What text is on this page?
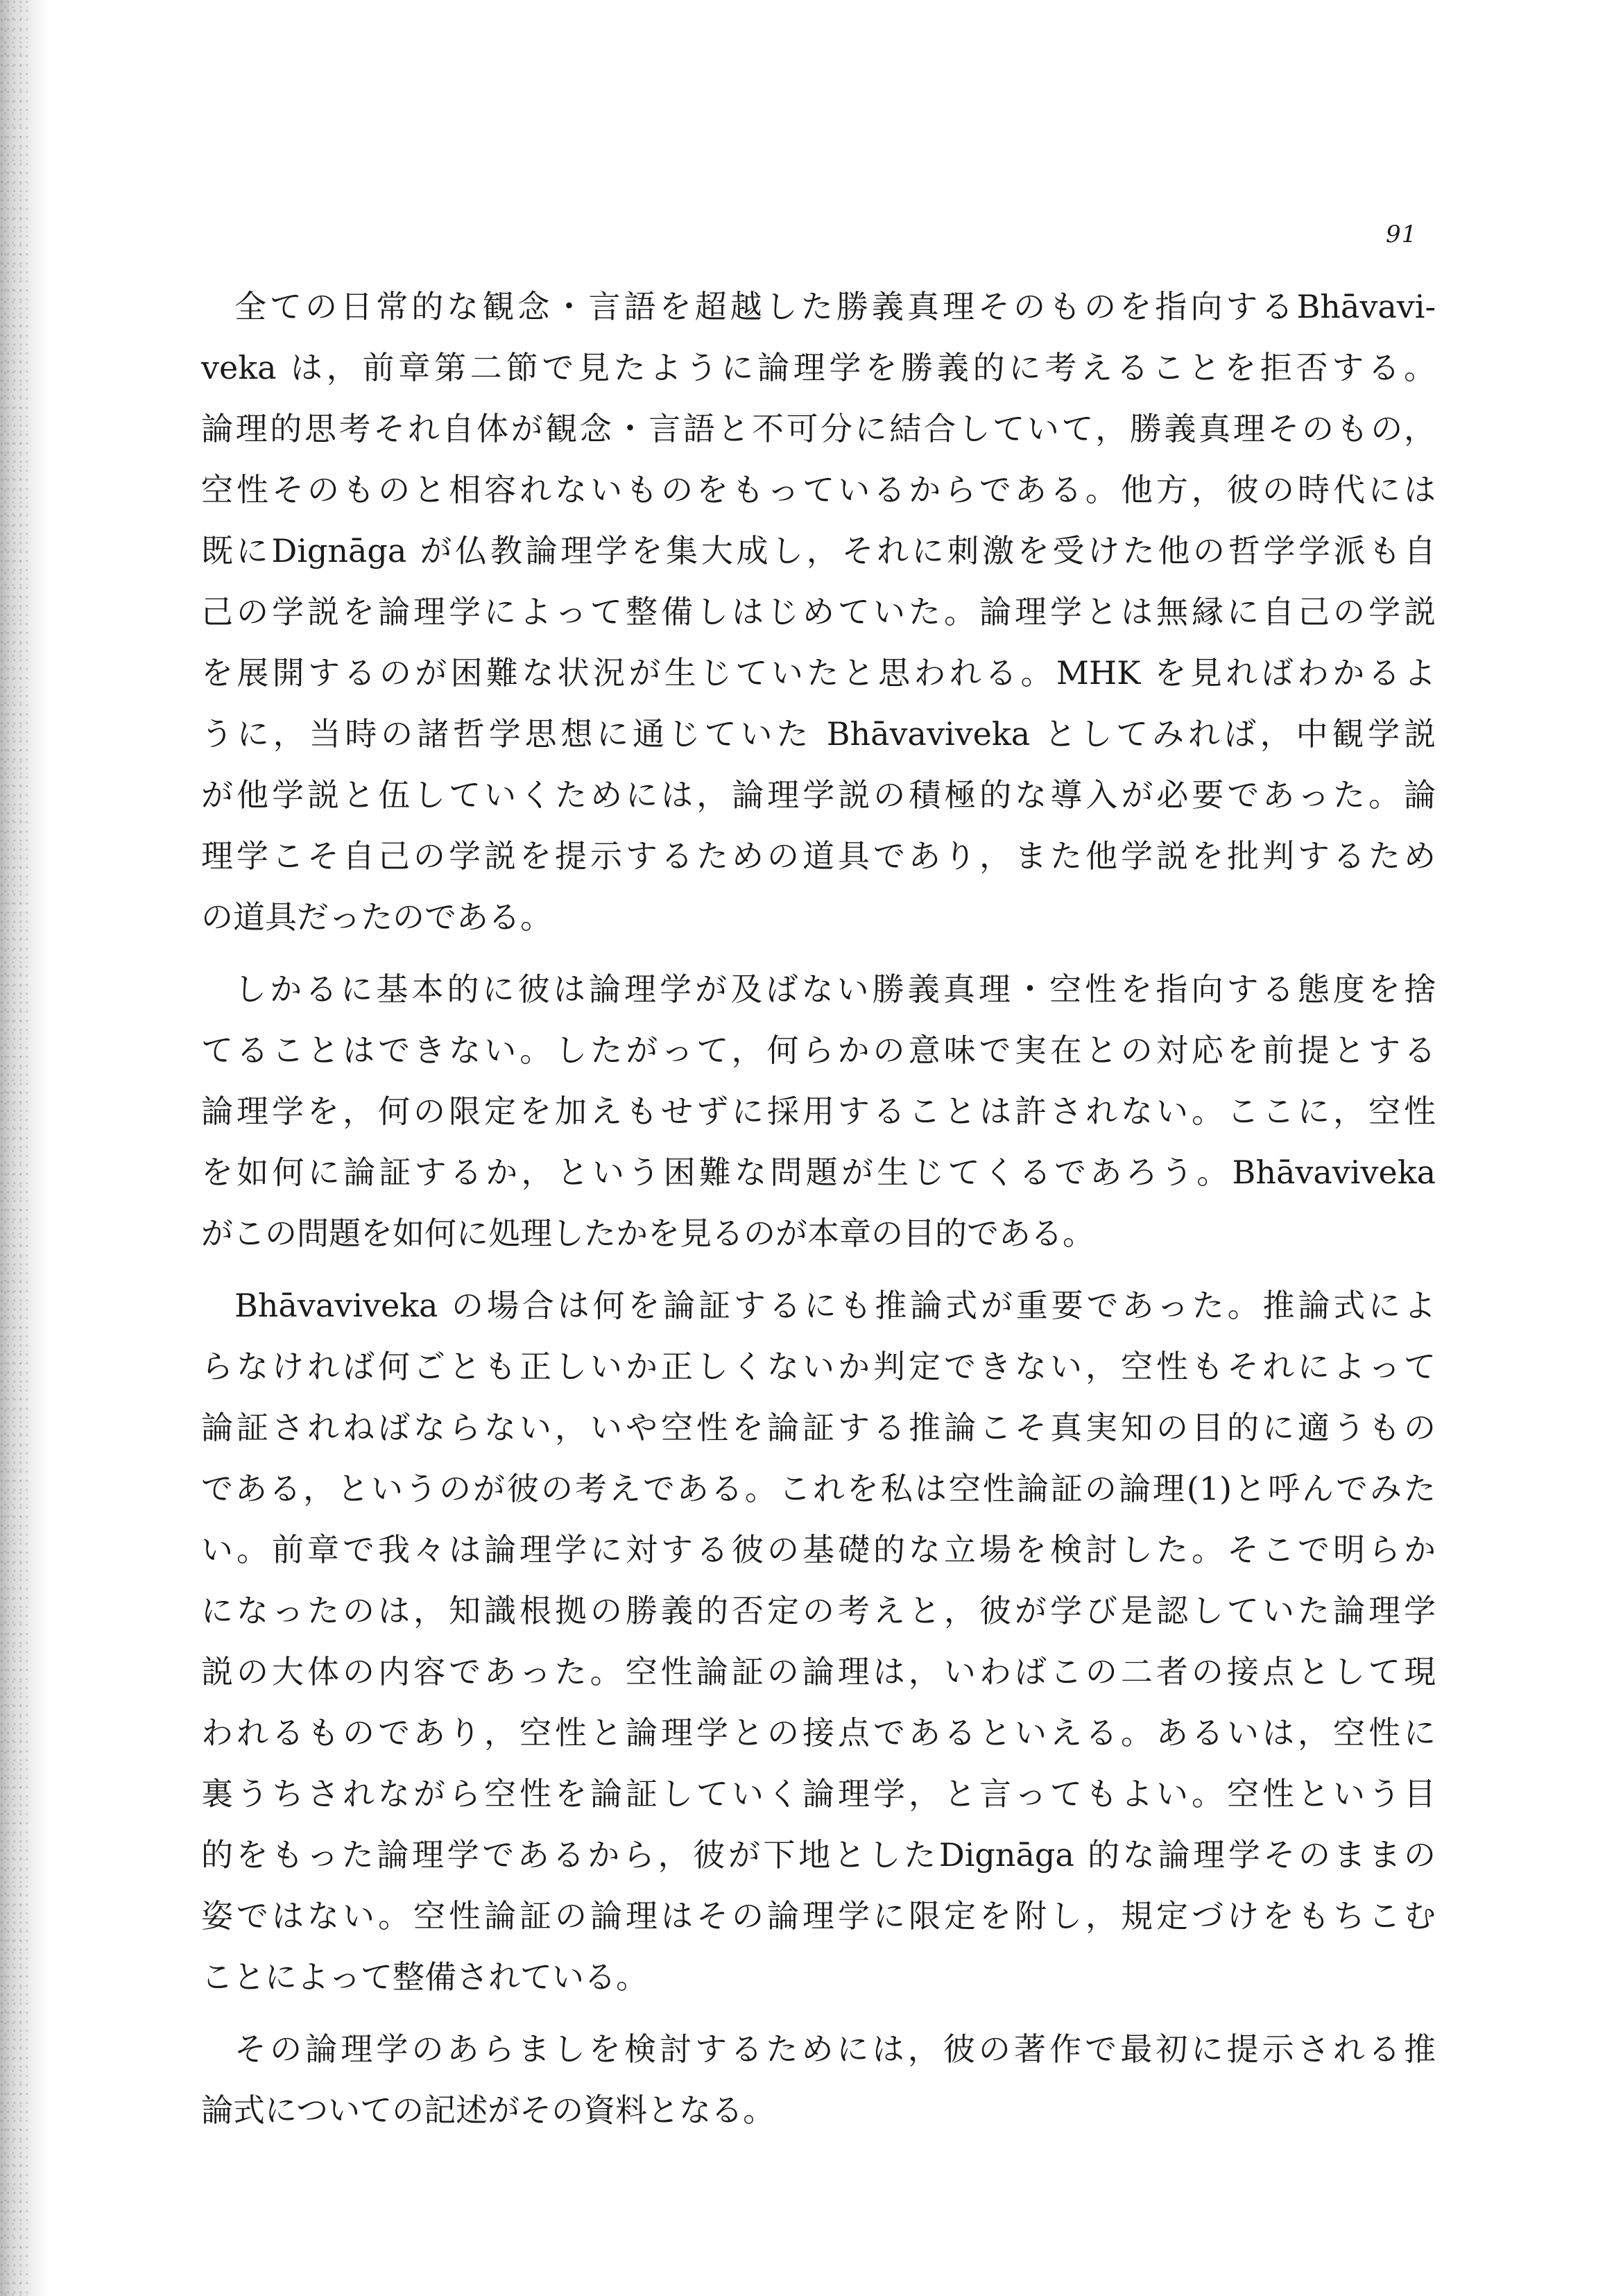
91
全ての日常的な観念・言語を超越した勝義真理そのものを指向するBhāvavi-
veka は，前章第二節で見たように論理学を勝義的に考えることを拒否する。
論理的思考それ自体が観念・言語と不可分に結合していて，勝義真理そのもの，
空性そのものと相容れないものをもっているからである。他方，彼の時代には
既にDignāga が仏教論理学を集大成し，それに刺激を受けた他の哲学学派も自
己の学説を論理学によって整備しはじめていた。論理学とは無縁に自己の学説
を展開するのが困難な状況が生じていたと思われる。MHK を見ればわかるよ
うに，当時の諸哲学思想に通じていた Bhāvaviveka としてみれば，中観学説
が他学説と伍していくためには，論理学説の積極的な導入が必要であった。論
理学こそ自己の学説を提示するための道具であり，また他学説を批判するため
の道具だったのである。
しかるに基本的に彼は論理学が及ばない勝義真理・空性を指向する態度を捨
てることはできない。したがって，何らかの意味で実在との対応を前提とする
論理学を，何の限定を加えもせずに採用することは許されない。ここに，空性
を如何に論証するか，という困難な問題が生じてくるであろう。Bhāvaviveka
がこの問題を如何に処理したかを見るのが本章の目的である。
Bhāvaviveka の場合は何を論証するにも推論式が重要であった。推論式によ
らなければ何ごとも正しいか正しくないか判定できない，空性もそれによって
論証されねばならない，いや空性を論証する推論こそ真実知の目的に適うもの
である，というのが彼の考えである。これを私は空性論証の論理(1)と呼んでみた
い。前章で我々は論理学に対する彼の基礎的な立場を検討した。そこで明らか
になったのは，知識根拠の勝義的否定の考えと，彼が学び是認していた論理学
説の大体の内容であった。空性論証の論理は，いわばこの二者の接点として現
われるものであり，空性と論理学との接点であるといえる。あるいは，空性に
裏うちされながら空性を論証していく論理学，と言ってもよい。空性という目
的をもった論理学であるから，彼が下地としたDignāga 的な論理学そのままの
姿ではない。空性論証の論理はその論理学に限定を附し，規定づけをもちこむ
ことによって整備されている。
その論理学のあらましを検討するためには，彼の著作で最初に提示される推
論式についての記述がその資料となる。
